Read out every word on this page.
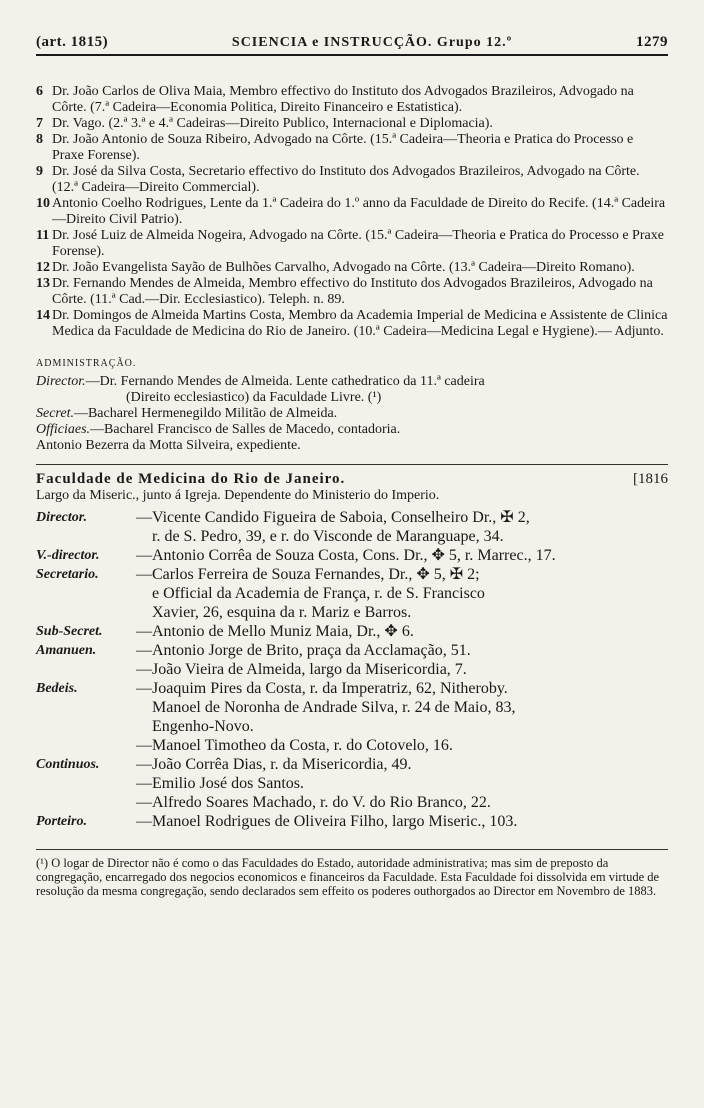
(art. 1815)	SCIENCIA e INSTRUCÇÃO. Grupo 12.º	1279
6 Dr. João Carlos de Oliva Maia, Membro effectivo do Instituto dos Advogados Brazileiros, Advogado na Côrte. (7.ª Cadeira—Economia Politica, Direito Financeiro e Estatistica).
7 Dr. Vago. (2.ª 3.ª e 4.ª Cadeiras—Direito Publico, Internacional e Diplomacia).
8 Dr. João Antonio de Souza Ribeiro, Advogado na Côrte. (15.ª Cadeira—Theoria e Pratica do Processo e Praxe Forense).
9 Dr. José da Silva Costa, Secretario effectivo do Instituto dos Advogados Brazileiros, Advogado na Côrte. (12.ª Cadeira—Direito Commercial).
10 Antonio Coelho Rodrigues, Lente da 1.ª Cadeira do 1.º anno da Faculdade de Direito do Recife. (14.ª Cadeira—Direito Civil Patrio).
11 Dr. José Luiz de Almeida Nogeira, Advogado na Côrte. (15.ª Cadeira—Theoria e Pratica do Processo e Praxe Forense).
12 Dr. João Evangelista Sayão de Bulhões Carvalho, Advogado na Côrte. (13.ª Cadeira—Direito Romano).
13 Dr. Fernando Mendes de Almeida, Membro effectivo do Instituto dos Advogados Brazileiros, Advogado na Côrte. (11.ª Cad.—Dir. Ecclesiastico). Teleph. n. 89.
14 Dr. Domingos de Almeida Martins Costa, Membro da Academia Imperial de Medicina e Assistente de Clinica Medica da Faculdade de Medicina do Rio de Janeiro. (10.ª Cadeira—Medicina Legal e Hygiene).— Adjunto.
ADMINISTRAÇÃO.
Director.—Dr. Fernando Mendes de Almeida. Lente cathedratico da 11.ª cadeira
(Direito ecclesiastico) da Faculdade Livre. (¹)
Secret.—Bacharel Hermenegildo Militão de Almeida.
Officiaes.—Bacharel Francisco de Salles de Macedo, contadoria.
Antonio Bezerra da Motta Silveira, expediente.
Faculdade de Medicina do Rio de Janeiro.	[1816
Largo da Miseric., junto á Igreja. Dependente do Ministerio do Imperio.
Director.	—Vicente Candido Figueira de Saboia, Conselheiro Dr., ✠ 2,
r. de S. Pedro, 39, e r. do Visconde de Maranguape, 34.
V.-director.	—Antonio Corrêa de Souza Costa, Cons. Dr., ✥ 5, r. Marrec., 17.
Secretario.	—Carlos Ferreira de Souza Fernandes, Dr., ✥ 5, ✠ 2;
e Official da Academia de França, r. de S. Francisco
Xavier, 26, esquina da r. Mariz e Barros.
Sub-Secret.	—Antonio de Mello Muniz Maia, Dr., ✥ 6.
Amanuen.	—Antonio Jorge de Brito, praça da Acclamação, 51.
—João Vieira de Almeida, largo da Misericordia, 7.
Bedeis.	—Joaquim Pires da Costa, r. da Imperatriz, 62, Nitheroby.
Manoel de Noronha de Andrade Silva, r. 24 de Maio, 83,
Engenho-Novo.
—Manoel Timotheo da Costa, r. do Cotovelo, 16.
Continuos.	—João Corrêa Dias, r. da Misericordia, 49.
—Emilio José dos Santos.
—Alfredo Soares Machado, r. do V. do Rio Branco, 22.
Porteiro.	—Manoel Rodrigues de Oliveira Filho, largo Miseric., 103.
(¹) O logar de Director não é como o das Faculdades do Estado, autoridade administrativa; mas sim de preposto da congregação, encarregado dos negocios economicos e financeiros da Faculdade. Esta Faculdade foi dissolvida em virtude de resolução da mesma congregação, sendo declarados sem effeito os poderes outhorgados ao Director em Novembro de 1883.
